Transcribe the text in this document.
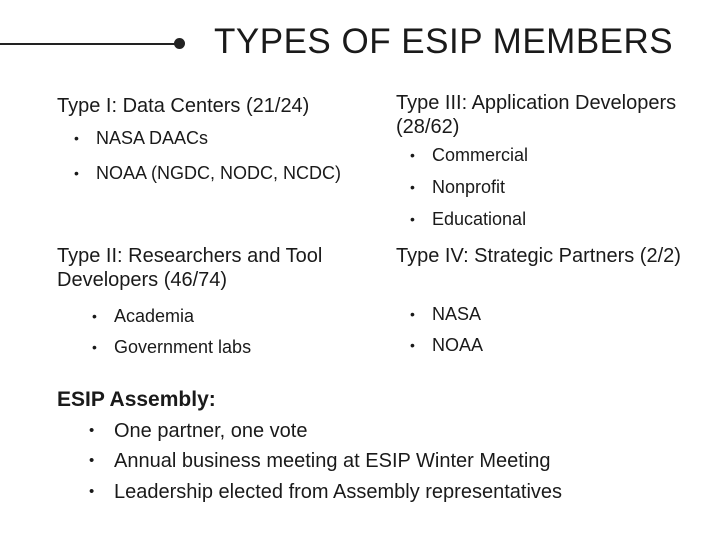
TYPES OF ESIP MEMBERS
Type I: Data Centers (21/24)
• NASA DAACs
• NOAA (NGDC, NODC, NCDC)
Type II: Researchers and Tool Developers (46/74)
• Academia
• Government labs
Type III: Application Developers (28/62)
• Commercial
• Nonprofit
• Educational
Type IV: Strategic Partners (2/2)
• NASA
• NOAA
ESIP Assembly:
• One partner, one vote
• Annual business meeting at ESIP Winter Meeting
• Leadership elected from Assembly representatives
